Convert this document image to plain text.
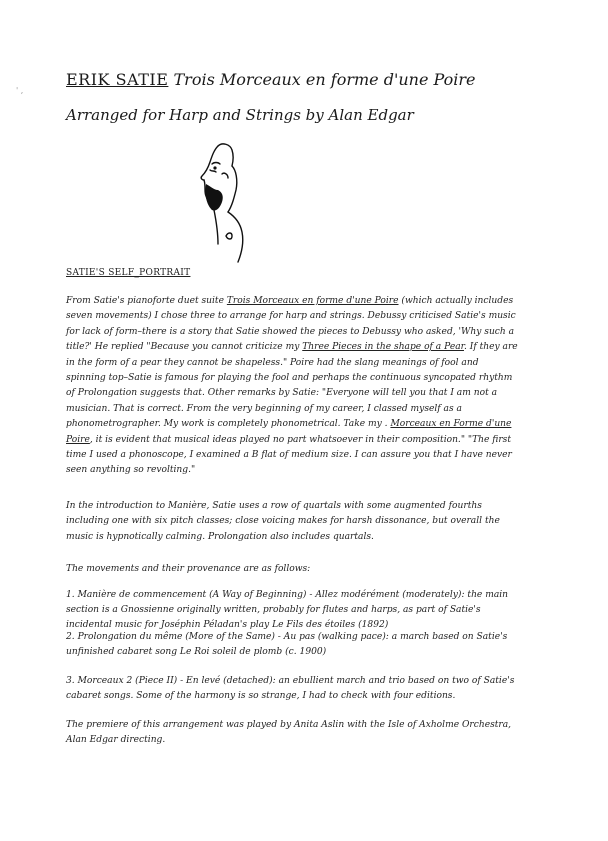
' ,
ERIK SATIE Trois Morceaux en forme d'une Poire
Arranged for Harp and Strings by Alan Edgar
SATIE'S SELF_PORTRAIT

From Satie's pianoforte duet suite Trois Morceaux en forme d'une Poire (which actually includes seven movements) I chose three to arrange for harp and strings. Debussy criticised Satie's music for lack of form–there is a story that Satie showed the pieces to Debussy who asked, 'Why such a title?' He replied "Because you cannot criticize my Three Pieces in the shape of a Pear. If they are in the form of a pear they cannot be shapeless." Poire had the slang meanings of fool and spinning top–Satie is famous for playing the fool and perhaps the continuous syncopated rhythm of Prolongation suggests that. Other remarks by Satie: "Everyone will tell you that I am not a musician. That is correct. From the very beginning of my career, I classed myself as a phonometrographer. My work is completely phonometrical. Take my . Morceaux en Forme d'une Poire, it is evident that musical ideas played no part whatsoever in their composition." "The first time I used a phonoscope, I examined a B flat of medium size. I can assure you that I have never seen anything so revolting."

In the introduction to Manière, Satie uses a row of quartals with some augmented fourths including one with six pitch classes; close voicing makes for harsh dissonance, but overall the music is hypnotically calming. Prolongation also includes quartals.

The movements and their provenance are as follows:

1. Manière de commencement (A Way of Beginning) - Allez modérément (moderately): the main section is a Gnossienne originally written, probably for flutes and harps, as part of Satie's incidental music for Joséphin Péladan's play Le Fils des étoiles (1892)
2. Prolongation du même (More of the Same) - Au pas (walking pace): a march based on Satie's unfinished cabaret song Le Roi soleil de plomb (c. 1900)
3. Morceaux 2 (Piece II) - En levé (detached): an ebullient march and trio based on two of Satie's cabaret songs. Some of the harmony is so strange, I had to check with four editions.

The premiere of this arrangement was played by Anita Aslin with the Isle of Axholme Orchestra, Alan Edgar directing.
